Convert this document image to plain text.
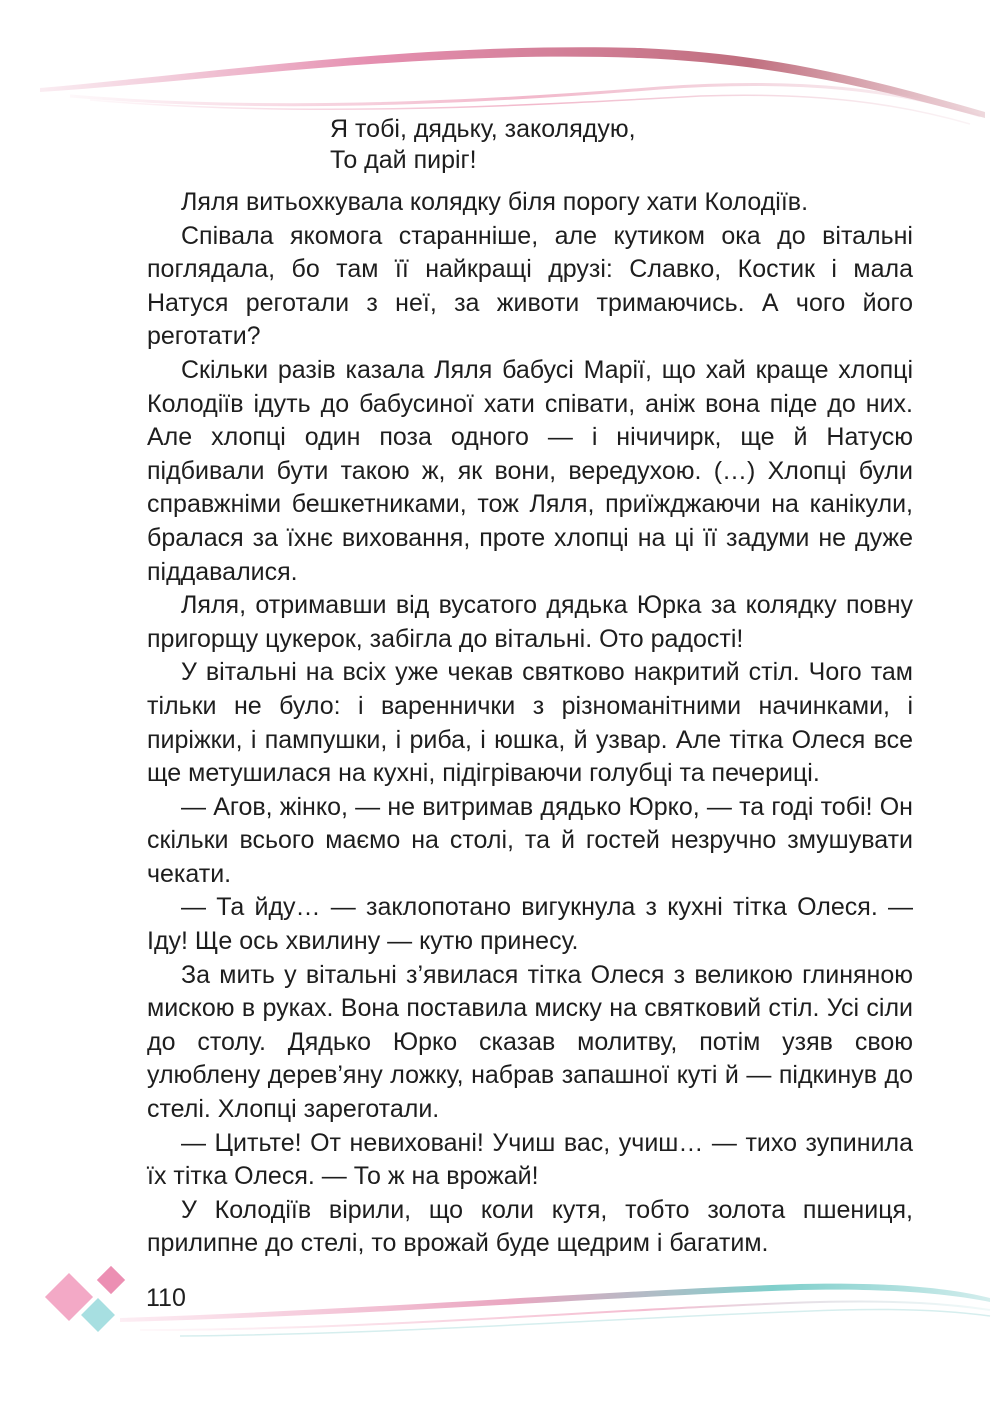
Я тобі, дядьку, заколядую,

То дай пиріг!

Ляля витьохкувала колядку біля порогу хати Колодіїв.

Співала якомога старанніше, але кутиком ока до вітальні поглядала, бо там її найкращі друзі: Славко, Костик і мала Натуся реготали з неї, за животи тримаючись. А чого його реготати?

Скільки разів казала Ляля бабусі Марії, що хай краще хлопці Колодіїв ідуть до бабусиної хати співати, аніж вона піде до них. Але хлопці один поза одного — і нічичирк, ще й Натусю підбивали бути такою ж, як вони, вередухою. (…) Хлопці були справжніми бешкетниками, тож Ляля, приїжджаючи на канікули, бралася за їхнє виховання, проте хлопці на ці її задуми не дуже піддавалися.

Ляля, отримавши від вусатого дядька Юрка за колядку повну пригорщу цукерок, забігла до вітальні. Ото радості!

У вітальні на всіх уже чекав святково накритий стіл. Чого там тільки не було: і вареннички з різноманітними начинками, і пиріжки, і пампушки, і риба, і юшка, й узвар. Але тітка Олеся все ще метушилася на кухні, підігріваючи голубці та печериці.

— Агов, жінко, — не витримав дядько Юрко, — та годі тобі! Он скільки всього маємо на столі, та й гостей незручно змушувати чекати.

— Та йду… — заклопотано вигукнула з кухні тітка Олеся. — Іду! Ще ось хвилину — кутю принесу.

За мить у вітальні з’явилася тітка Олеся з великою глиняною мискою в руках. Вона поставила миску на святковий стіл. Усі сіли до столу. Дядько Юрко сказав молитву, потім узяв свою улюблену дерев’яну ложку, набрав запашної куті й — підкинув до стелі. Хлопці зареготали.

— Цитьте! От невиховані! Учиш вас, учиш… — тихо зупинила їх тітка Олеся. — То ж на врожай!

У Колодіїв вірили, що коли кутя, тобто золота пшениця, прилипне до стелі, то врожай буде щедрим і багатим.

110
